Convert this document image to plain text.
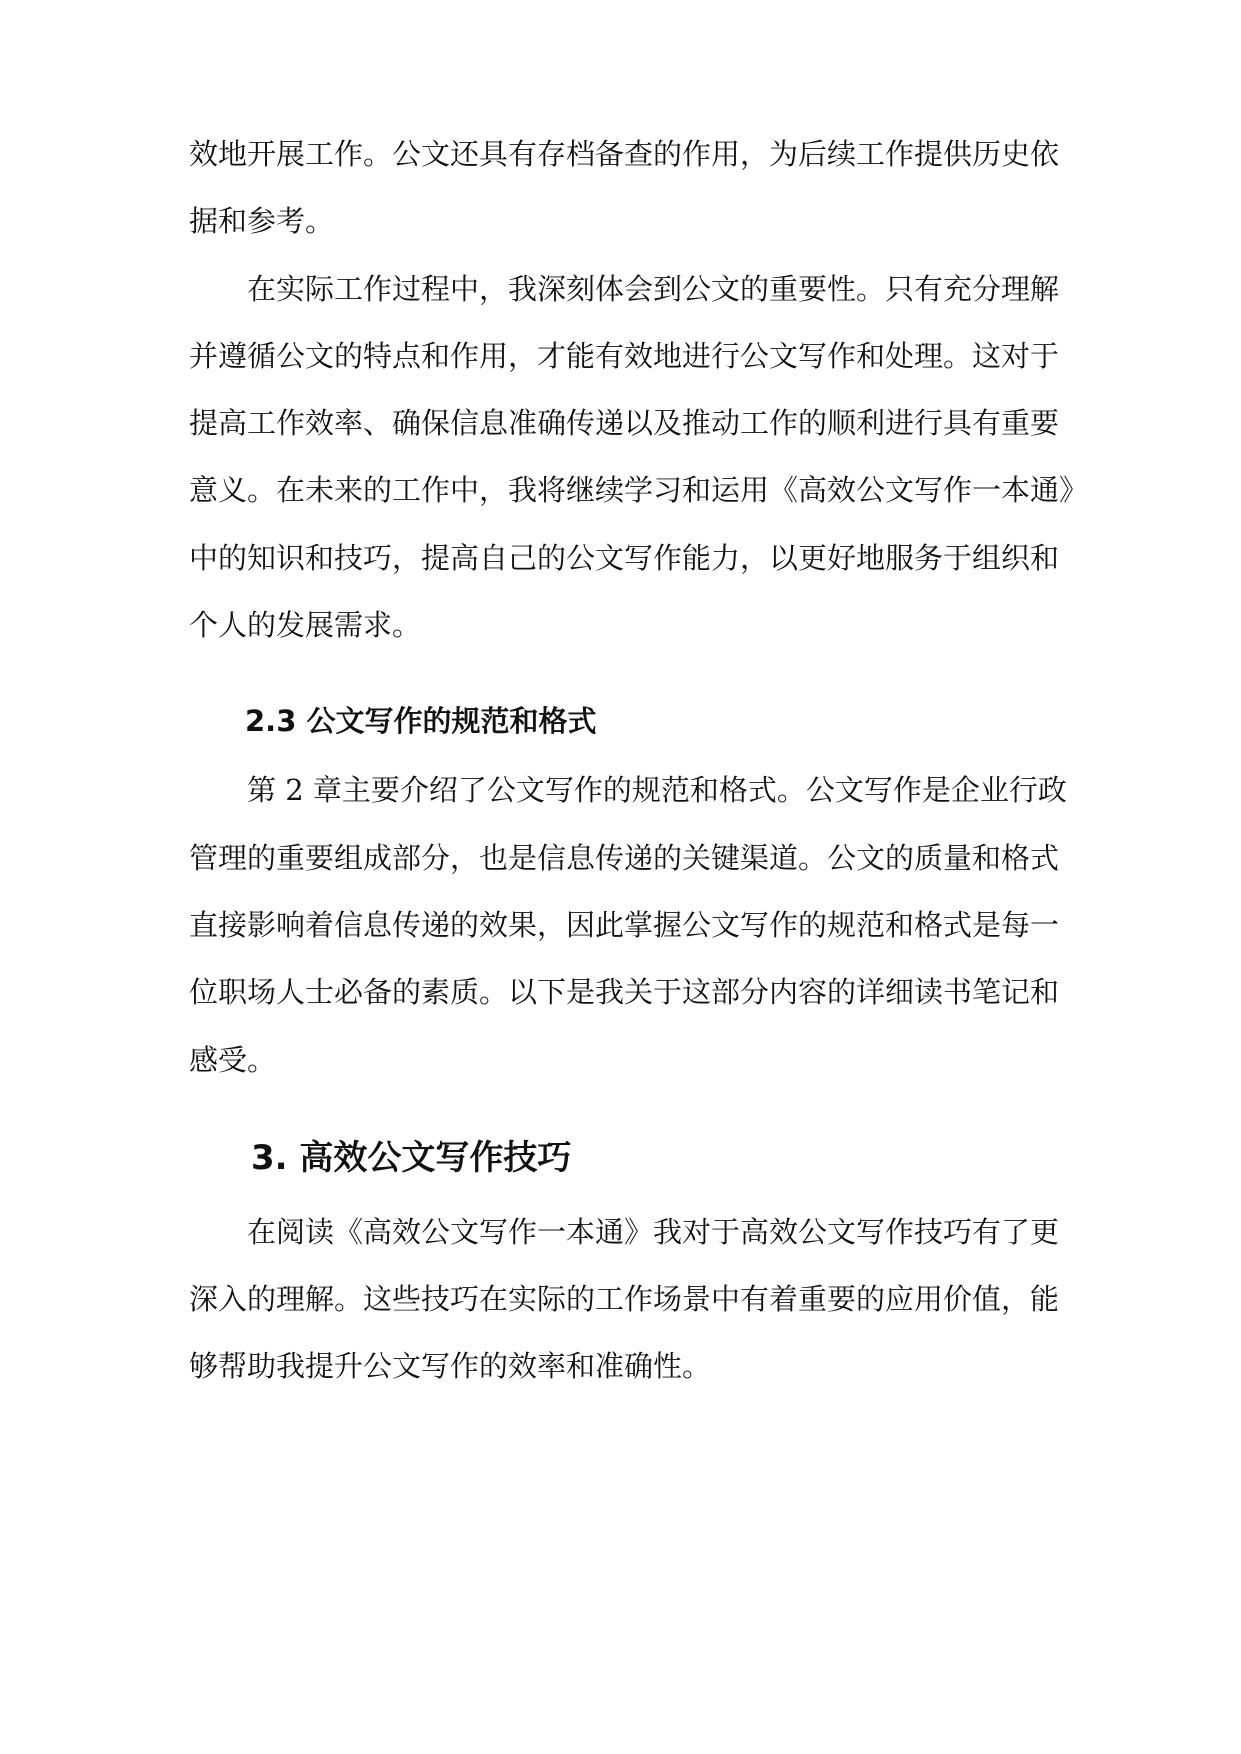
效地开展工作。公文还具有存档备查的作用，为后续工作提供历史依
据和参考。
在实际工作过程中，我深刻体会到公文的重要性。只有充分理解
并遵循公文的特点和作用，才能有效地进行公文写作和处理。这对于
提高工作效率、确保信息准确传递以及推动工作的顺利进行具有重要
意义。在未来的工作中，我将继续学习和运用《高效公文写作一本通》
中的知识和技巧，提高自己的公文写作能力，以更好地服务于组织和
个人的发展需求。
2.3 公文写作的规范和格式
第 2 章主要介绍了公文写作的规范和格式。公文写作是企业行政
管理的重要组成部分，也是信息传递的关键渠道。公文的质量和格式
直接影响着信息传递的效果，因此掌握公文写作的规范和格式是每一
位职场人士必备的素质。以下是我关于这部分内容的详细读书笔记和
感受。
3. 高效公文写作技巧
在阅读《高效公文写作一本通》我对于高效公文写作技巧有了更
深入的理解。这些技巧在实际的工作场景中有着重要的应用价值，能
够帮助我提升公文写作的效率和准确性。
